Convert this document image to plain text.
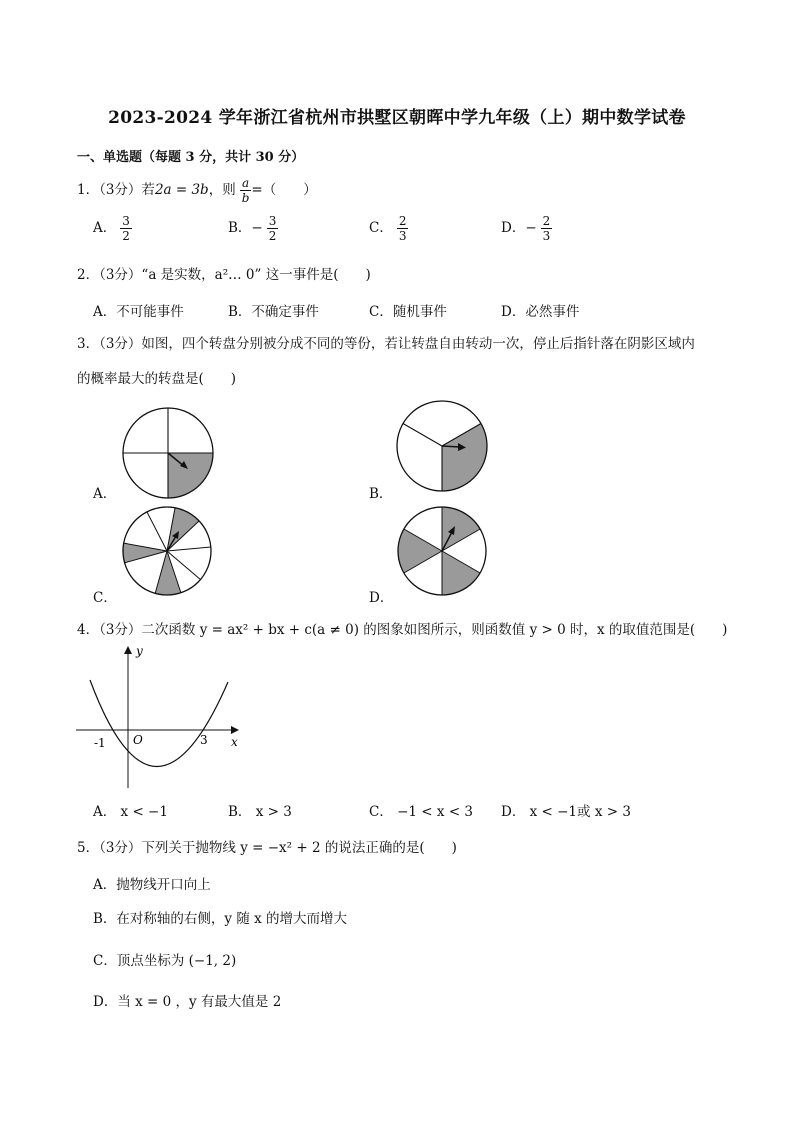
2023-2024 学年浙江省杭州市拱墅区朝晖中学九年级（上）期中数学试卷
一、单选题（每题 3 分，共计 30 分）
1．（3分）若2a = 3b，则 $\frac{a}{b}$ =（　　）
A． $\frac{3}{2}$	B．− $\frac{3}{2}$	C． $\frac{2}{3}$	D．− $\frac{2}{3}$
2．（3分）“a 是实数，a²… 0” 这一事件是(　　)
A．不可能事件	B．不确定事件	C．随机事件	D．必然事件
3．（3分）如图，四个转盘分别被分成不同的等份，若让转盘自由转动一次，停止后指针落在阴影区域内
的概率最大的转盘是(　　)
A．	B．
C．	D．
4．（3分）二次函数 y = ax² + bx + c(a ≠ 0) 的图象如图所示，则函数值 y > 0 时，x 的取值范围是(　　)
y
x
O
-1	3
A． x < −1	B． x > 3	C． −1 < x < 3 D． x < −1或 x > 3
5．（3分）下列关于抛物线 y = −x² + 2 的说法正确的是(　　)
A．抛物线开口向上
B．在对称轴的右侧，y 随 x 的增大而增大
C．顶点坐标为 (−1, 2)
D．当 x = 0 ，y 有最大值是 2
